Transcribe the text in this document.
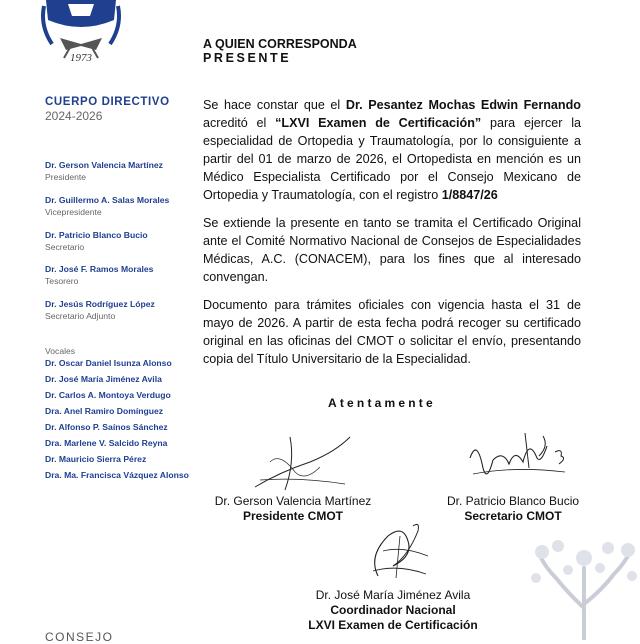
1973
CUERPO DIRECTIVO
2024-2026
Dr. Gerson Valencia Martínez
Presidente
Dr. Guillermo A. Salas Morales
Vicepresidente
Dr. Patricio Blanco Bucio
Secretario
Dr. José F. Ramos Morales
Tesorero
Dr. Jesús Rodríguez López
Secretario Adjunto
Vocales
Dr. Oscar Daniel Isunza Alonso
Dr. José María Jiménez Avila
Dr. Carlos A. Montoya Verdugo
Dra. Anel Ramiro Domínguez
Dr. Alfonso P. Saínos Sánchez
Dra. Marlene V. Salcido Reyna
Dr. Mauricio Sierra Pérez
Dra. Ma. Francisca Vázquez Alonso
CONSEJO
A QUIEN CORRESPONDA
PRESENTE
Se hace constar que el Dr. Pesantez Mochas Edwin Fernando acreditó el “LXVI Examen de Certificación” para ejercer la especialidad de Ortopedia y Traumatología, por lo consiguiente a partir del 01 de marzo de 2026, el Ortopedista en mención es un Médico Especialista Certificado por el Consejo Mexicano de Ortopedia y Traumatología, con el registro 1/8847/26
Se extiende la presente en tanto se tramita el Certificado Original ante el Comité Normativo Nacional de Consejos de Especialidades Médicas, A.C. (CONACEM), para los fines que al interesado convengan.
Documento para trámites oficiales con vigencia hasta el 31 de mayo de 2026. A partir de esta fecha podrá recoger su certificado original en las oficinas del CMOT o solicitar el envío, presentando copia del Título Universitario de la Especialidad.
Atentamente
Dr. Gerson Valencia Martínez
Presidente CMOT
Dr. Patricio Blanco Bucio
Secretario CMOT
Dr. José María Jiménez Avila
Coordinador Nacional
LXVI Examen de Certificación
